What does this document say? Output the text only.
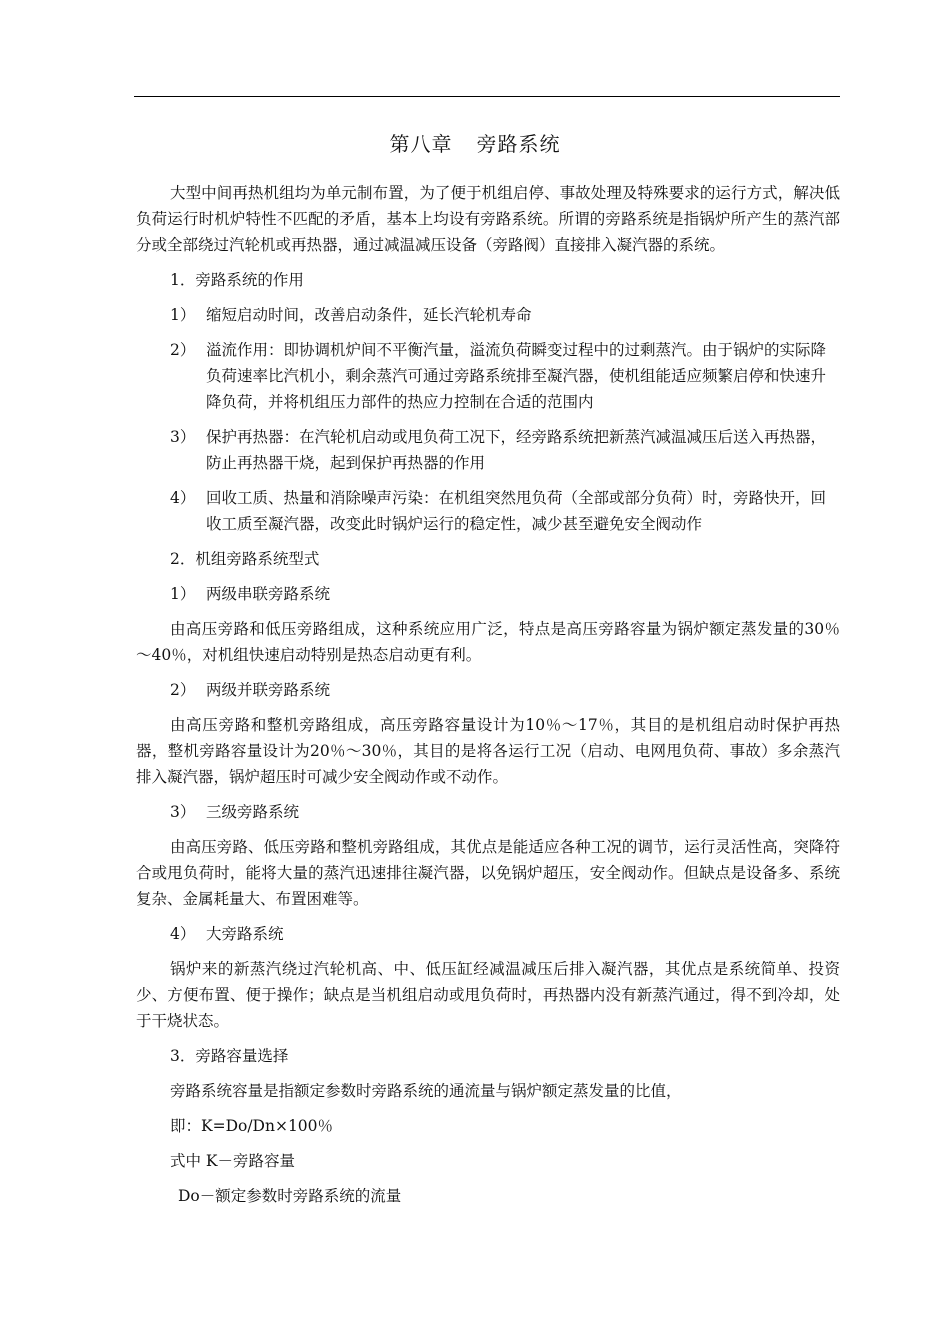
第八章 旁路系统

大型中间再热机组均为单元制布置，为了便于机组启停、事故处理及特殊要求的运行方式，解决低负荷运行时机炉特性不匹配的矛盾，基本上均设有旁路系统。所谓的旁路系统是指锅炉所产生的蒸汽部分或全部绕过汽轮机或再热器，通过减温减压设备（旁路阀）直接排入凝汽器的系统。

1．旁路系统的作用

1） 缩短启动时间，改善启动条件，延长汽轮机寿命

2） 溢流作用：即协调机炉间不平衡汽量，溢流负荷瞬变过程中的过剩蒸汽。由于锅炉的实际降负荷速率比汽机小，剩余蒸汽可通过旁路系统排至凝汽器，使机组能适应频繁启停和快速升降负荷，并将机组压力部件的热应力控制在合适的范围内

3） 保护再热器：在汽轮机启动或甩负荷工况下，经旁路系统把新蒸汽减温减压后送入再热器，防止再热器干烧，起到保护再热器的作用

4） 回收工质、热量和消除噪声污染：在机组突然甩负荷（全部或部分负荷）时，旁路快开，回收工质至凝汽器，改变此时锅炉运行的稳定性，减少甚至避免安全阀动作

2．机组旁路系统型式

1） 两级串联旁路系统

由高压旁路和低压旁路组成，这种系统应用广泛，特点是高压旁路容量为锅炉额定蒸发量的30％～40％，对机组快速启动特别是热态启动更有利。

2） 两级并联旁路系统

由高压旁路和整机旁路组成，高压旁路容量设计为10％～17％，其目的是机组启动时保护再热器，整机旁路容量设计为20％～30％，其目的是将各运行工况（启动、电网甩负荷、事故）多余蒸汽排入凝汽器，锅炉超压时可减少安全阀动作或不动作。

3） 三级旁路系统

由高压旁路、低压旁路和整机旁路组成，其优点是能适应各种工况的调节，运行灵活性高，突降符合或甩负荷时，能将大量的蒸汽迅速排往凝汽器，以免锅炉超压，安全阀动作。但缺点是设备多、系统复杂、金属耗量大、布置困难等。

4） 大旁路系统

锅炉来的新蒸汽绕过汽轮机高、中、低压缸经减温减压后排入凝汽器，其优点是系统简单、投资少、方便布置、便于操作；缺点是当机组启动或甩负荷时，再热器内没有新蒸汽通过，得不到冷却，处于干烧状态。

3．旁路容量选择

旁路系统容量是指额定参数时旁路系统的通流量与锅炉额定蒸发量的比值，

即：K=Do/Dn×100％

式中 K－旁路容量

Do－额定参数时旁路系统的流量
